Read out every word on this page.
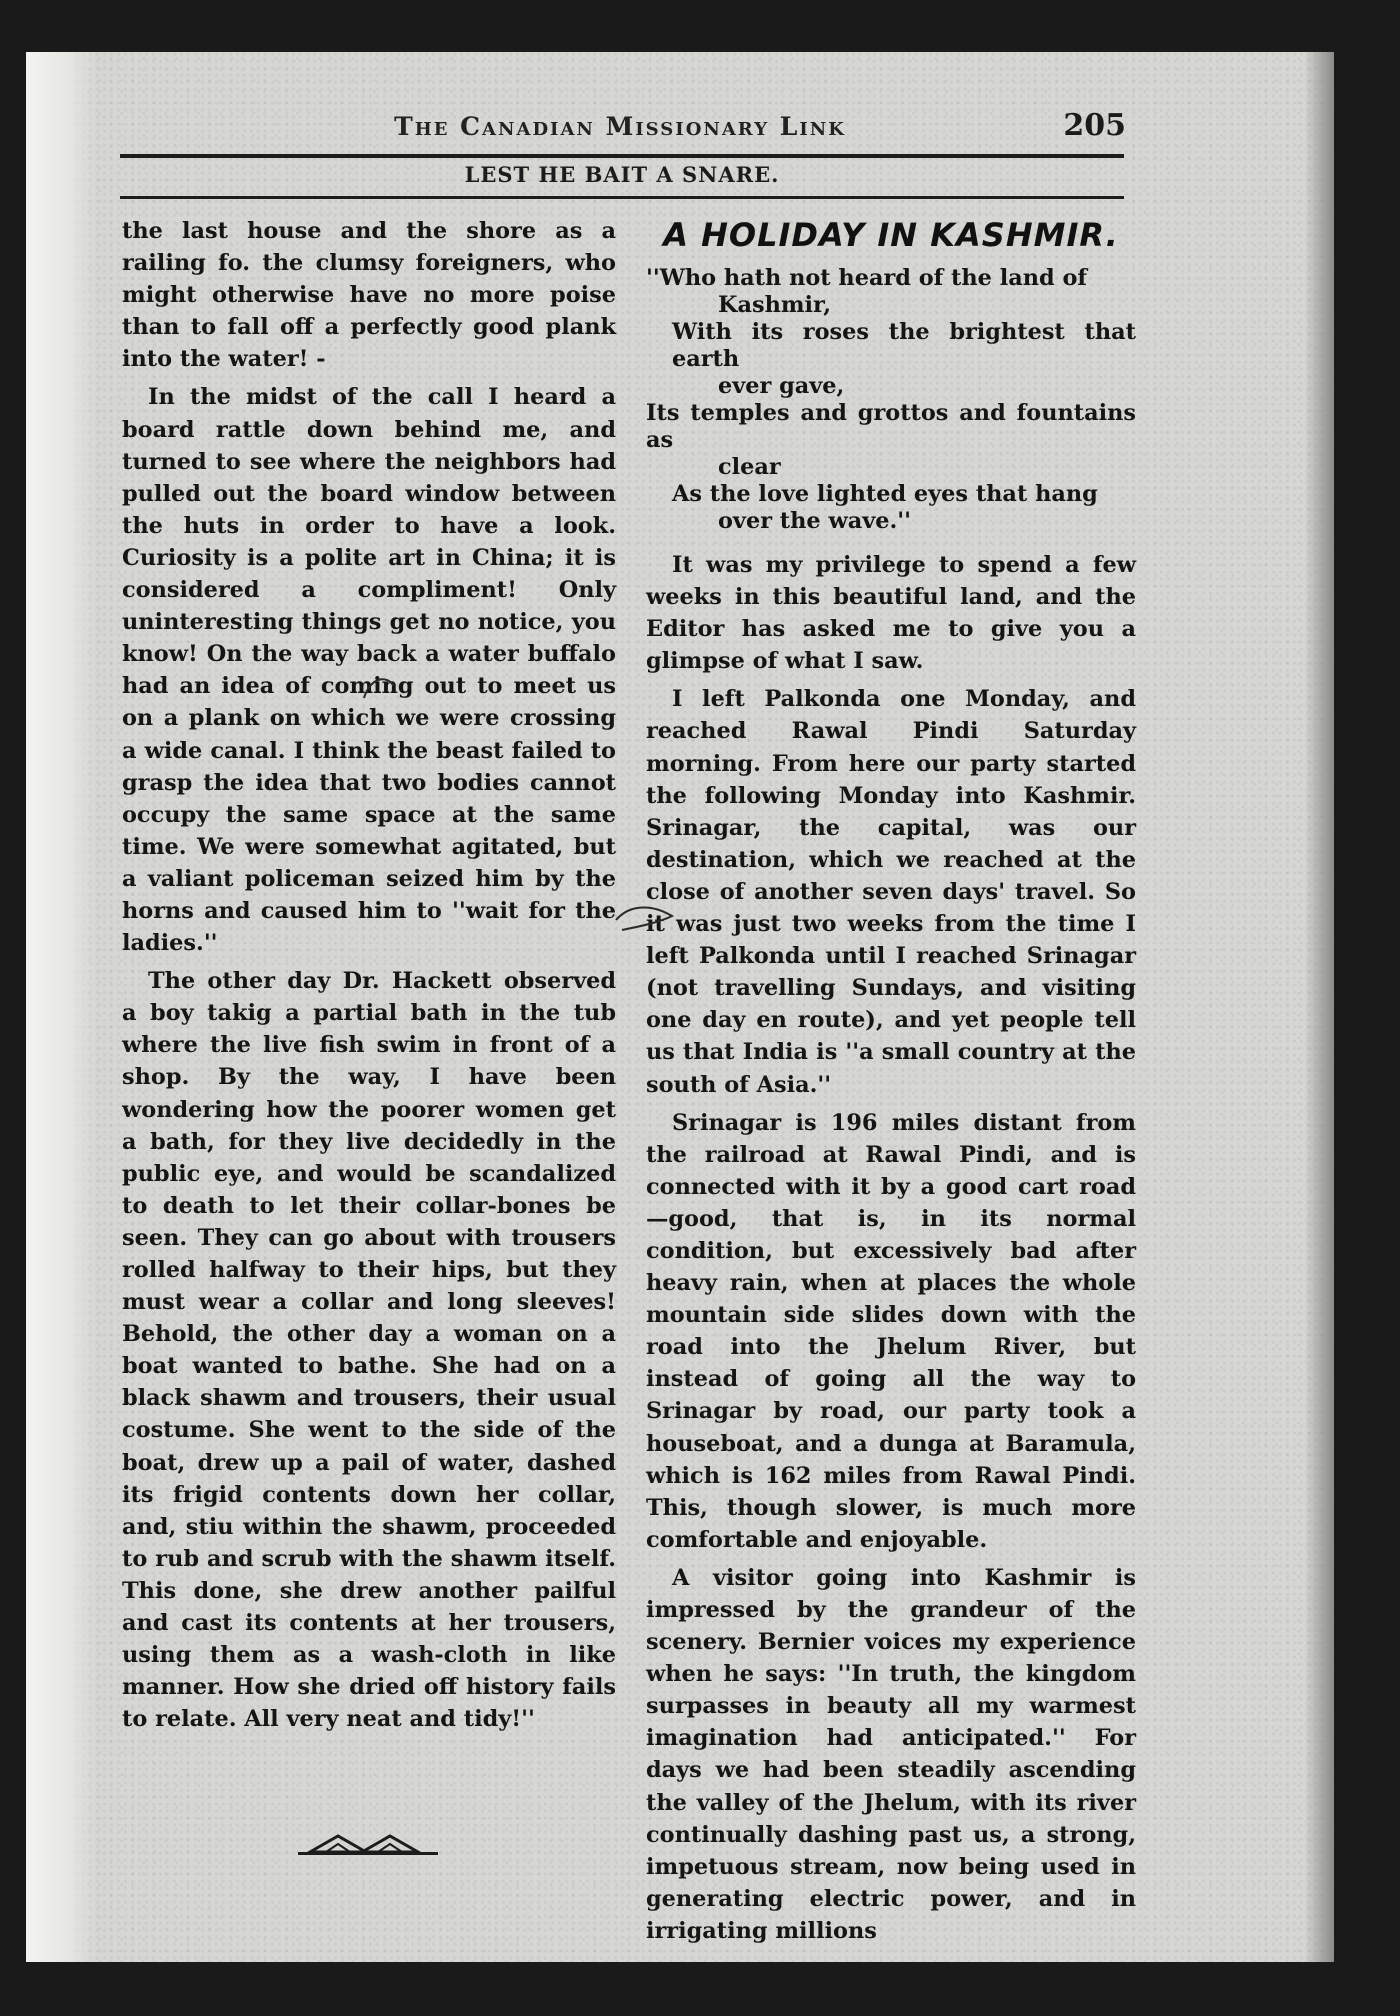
The Canadian Missionary Link	205
LEST HE BAIT A SNARE.

the last house and the shore as a railing fo. the clumsy foreigners, who might otherwise have no more poise than to fall off a perfectly good plank into the water! -

In the midst of the call I heard a board rattle down behind me, and turned to see where the neighbors had pulled out the board window between the huts in order to have a look. Curiosity is a polite art in China; it is considered a compliment! Only uninteresting things get no notice, you know! On the way back a water buffalo had an idea of coming out to meet us on a plank on which we were crossing a wide canal. I think the beast failed to grasp the idea that two bodies cannot occupy the same space at the same time. We were somewhat agitated, but a valiant policeman seized him by the horns and caused him to ''wait for the ladies.''

The other day Dr. Hackett observed a boy takig a partial bath in the tub where the live fish swim in front of a shop. By the way, I have been wondering how the poorer women get a bath, for they live decidedly in the public eye, and would be scandalized to death to let their collar-bones be seen. They can go about with trousers rolled halfway to their hips, but they must wear a collar and long sleeves! Behold, the other day a woman on a boat wanted to bathe. She had on a black shawm and trousers, their usual costume. She went to the side of the boat, drew up a pail of water, dashed its frigid contents down her collar, and, stiu within the shawm, proceeded to rub and scrub with the shawm itself. This done, she drew another pailful and cast its contents at her trousers, using them as a wash-cloth in like manner. How she dried off history fails to relate. All very neat and tidy!''

A HOLIDAY IN KASHMIR.
''Who hath not heard of the land of
Kashmir,
With its roses the brightest that earth
ever gave,
Its temples and grottos and fountains as
clear
As the love lighted eyes that hang
over the wave.''

It was my privilege to spend a few weeks in this beautiful land, and the Editor has asked me to give you a glimpse of what I saw.

I left Palkonda one Monday, and reached Rawal Pindi Saturday morning. From here our party started the following Monday into Kashmir. Srinagar, the capital, was our destination, which we reached at the close of another seven days' travel. So it was just two weeks from the time I left Palkonda until I reached Srinagar (not travelling Sundays, and visiting one day en route), and yet people tell us that India is ''a small country at the south of Asia.''

Srinagar is 196 miles distant from the railroad at Rawal Pindi, and is connected with it by a good cart road—good, that is, in its normal condition, but excessively bad after heavy rain, when at places the whole mountain side slides down with the road into the Jhelum River, but instead of going all the way to Srinagar by road, our party took a houseboat, and a dunga at Baramula, which is 162 miles from Rawal Pindi. This, though slower, is much more comfortable and enjoyable.

A visitor going into Kashmir is impressed by the grandeur of the scenery. Bernier voices my experience when he says: ''In truth, the kingdom surpasses in beauty all my warmest imagination had anticipated.'' For days we had been steadily ascending the valley of the Jhelum, with its river continually dashing past us, a strong, impetuous stream, now being used in generating electric power, and in irrigating millions
